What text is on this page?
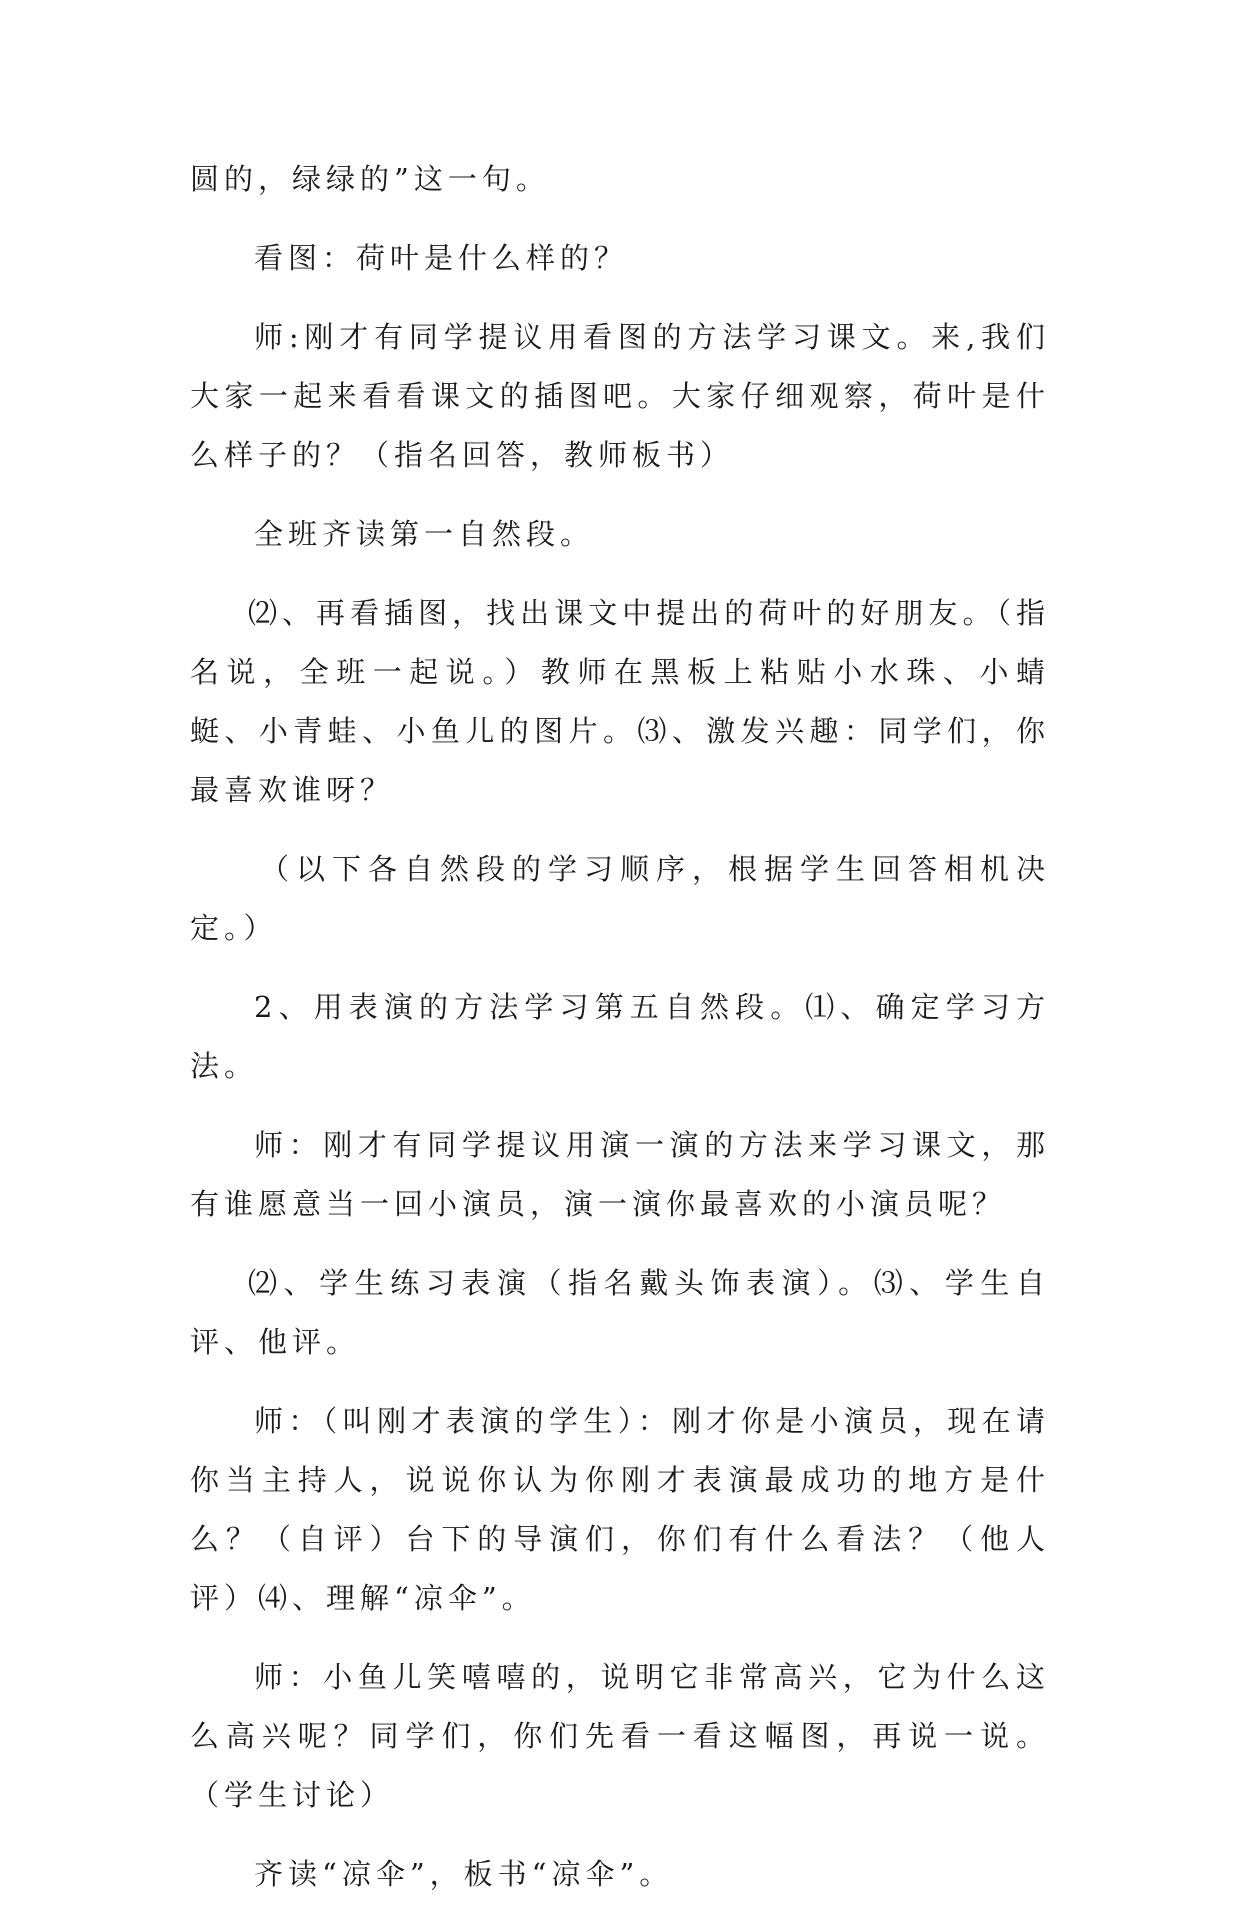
圆的，绿绿的”这一句。

看图：荷叶是什么样的？

师:刚才有同学提议用看图的方法学习课文。来,我们大家一起来看看课文的插图吧。大家仔细观察，荷叶是什么样子的？（指名回答，教师板书）

全班齐读第一自然段。

⑵、再看插图，找出课文中提出的荷叶的好朋友。（指名说，全班一起说。）教师在黑板上粘贴小水珠、小蜻蜓、小青蛙、小鱼儿的图片。⑶、激发兴趣：同学们，你最喜欢谁呀？

（以下各自然段的学习顺序，根据学生回答相机决定。）

2、用表演的方法学习第五自然段。⑴、确定学习方法。

师：刚才有同学提议用演一演的方法来学习课文，那有谁愿意当一回小演员，演一演你最喜欢的小演员呢？

⑵、学生练习表演（指名戴头饰表演）。⑶、学生自评、他评。

师：（叫刚才表演的学生）：刚才你是小演员，现在请你当主持人，说说你认为你刚才表演最成功的地方是什么？（自评）台下的导演们，你们有什么看法？（他人评）⑷、理解“凉伞”。

师：小鱼儿笑嘻嘻的，说明它非常高兴，它为什么这么高兴呢？同学们，你们先看一看这幅图，再说一说。（学生讨论）

齐读“凉伞”，板书“凉伞”。
